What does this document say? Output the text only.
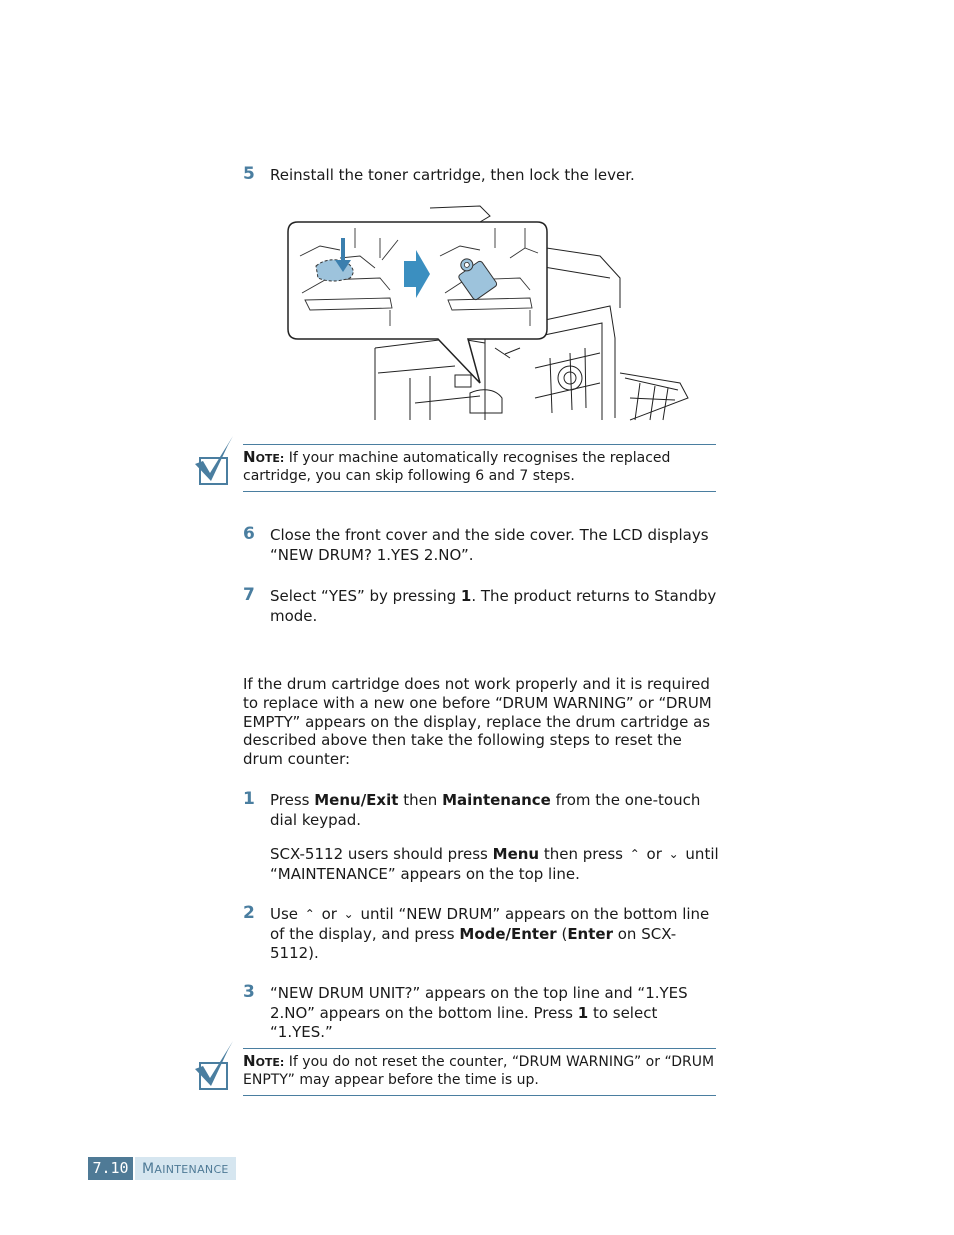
5 Reinstall the toner cartridge, then lock the lever.
NOTE: If your machine automatically recognises the replaced cartridge, you can skip following 6 and 7 steps.
6 Close the front cover and the side cover. The LCD displays
“NEW DRUM? 1.YES 2.NO”.
7 Select “YES” by pressing 1. The product returns to Standby
mode.
If the drum cartridge does not work properly and it is required to replace with a new one before “DRUM WARNING” or “DRUM EMPTY” appears on the display, replace the drum cartridge as described above then take the following steps to reset the drum counter:
1 Press Menu/Exit then Maintenance from the one-touch
dial keypad.
SCX-5112 users should press Menu then press ⌃ or ⌄ until
“MAINTENANCE” appears on the top line.
2 Use ⌃ or ⌄ until “NEW DRUM” appears on the bottom line
of the display, and press Mode/Enter (Enter on SCX-
5112).
3 “NEW DRUM UNIT?” appears on the top line and “1.YES
2.NO” appears on the bottom line. Press 1 to select “1.YES.”
NOTE: If you do not reset the counter, “DRUM WARNING” or “DRUM ENPTY” may appear before the time is up.
7.10 MAINTENANCE
